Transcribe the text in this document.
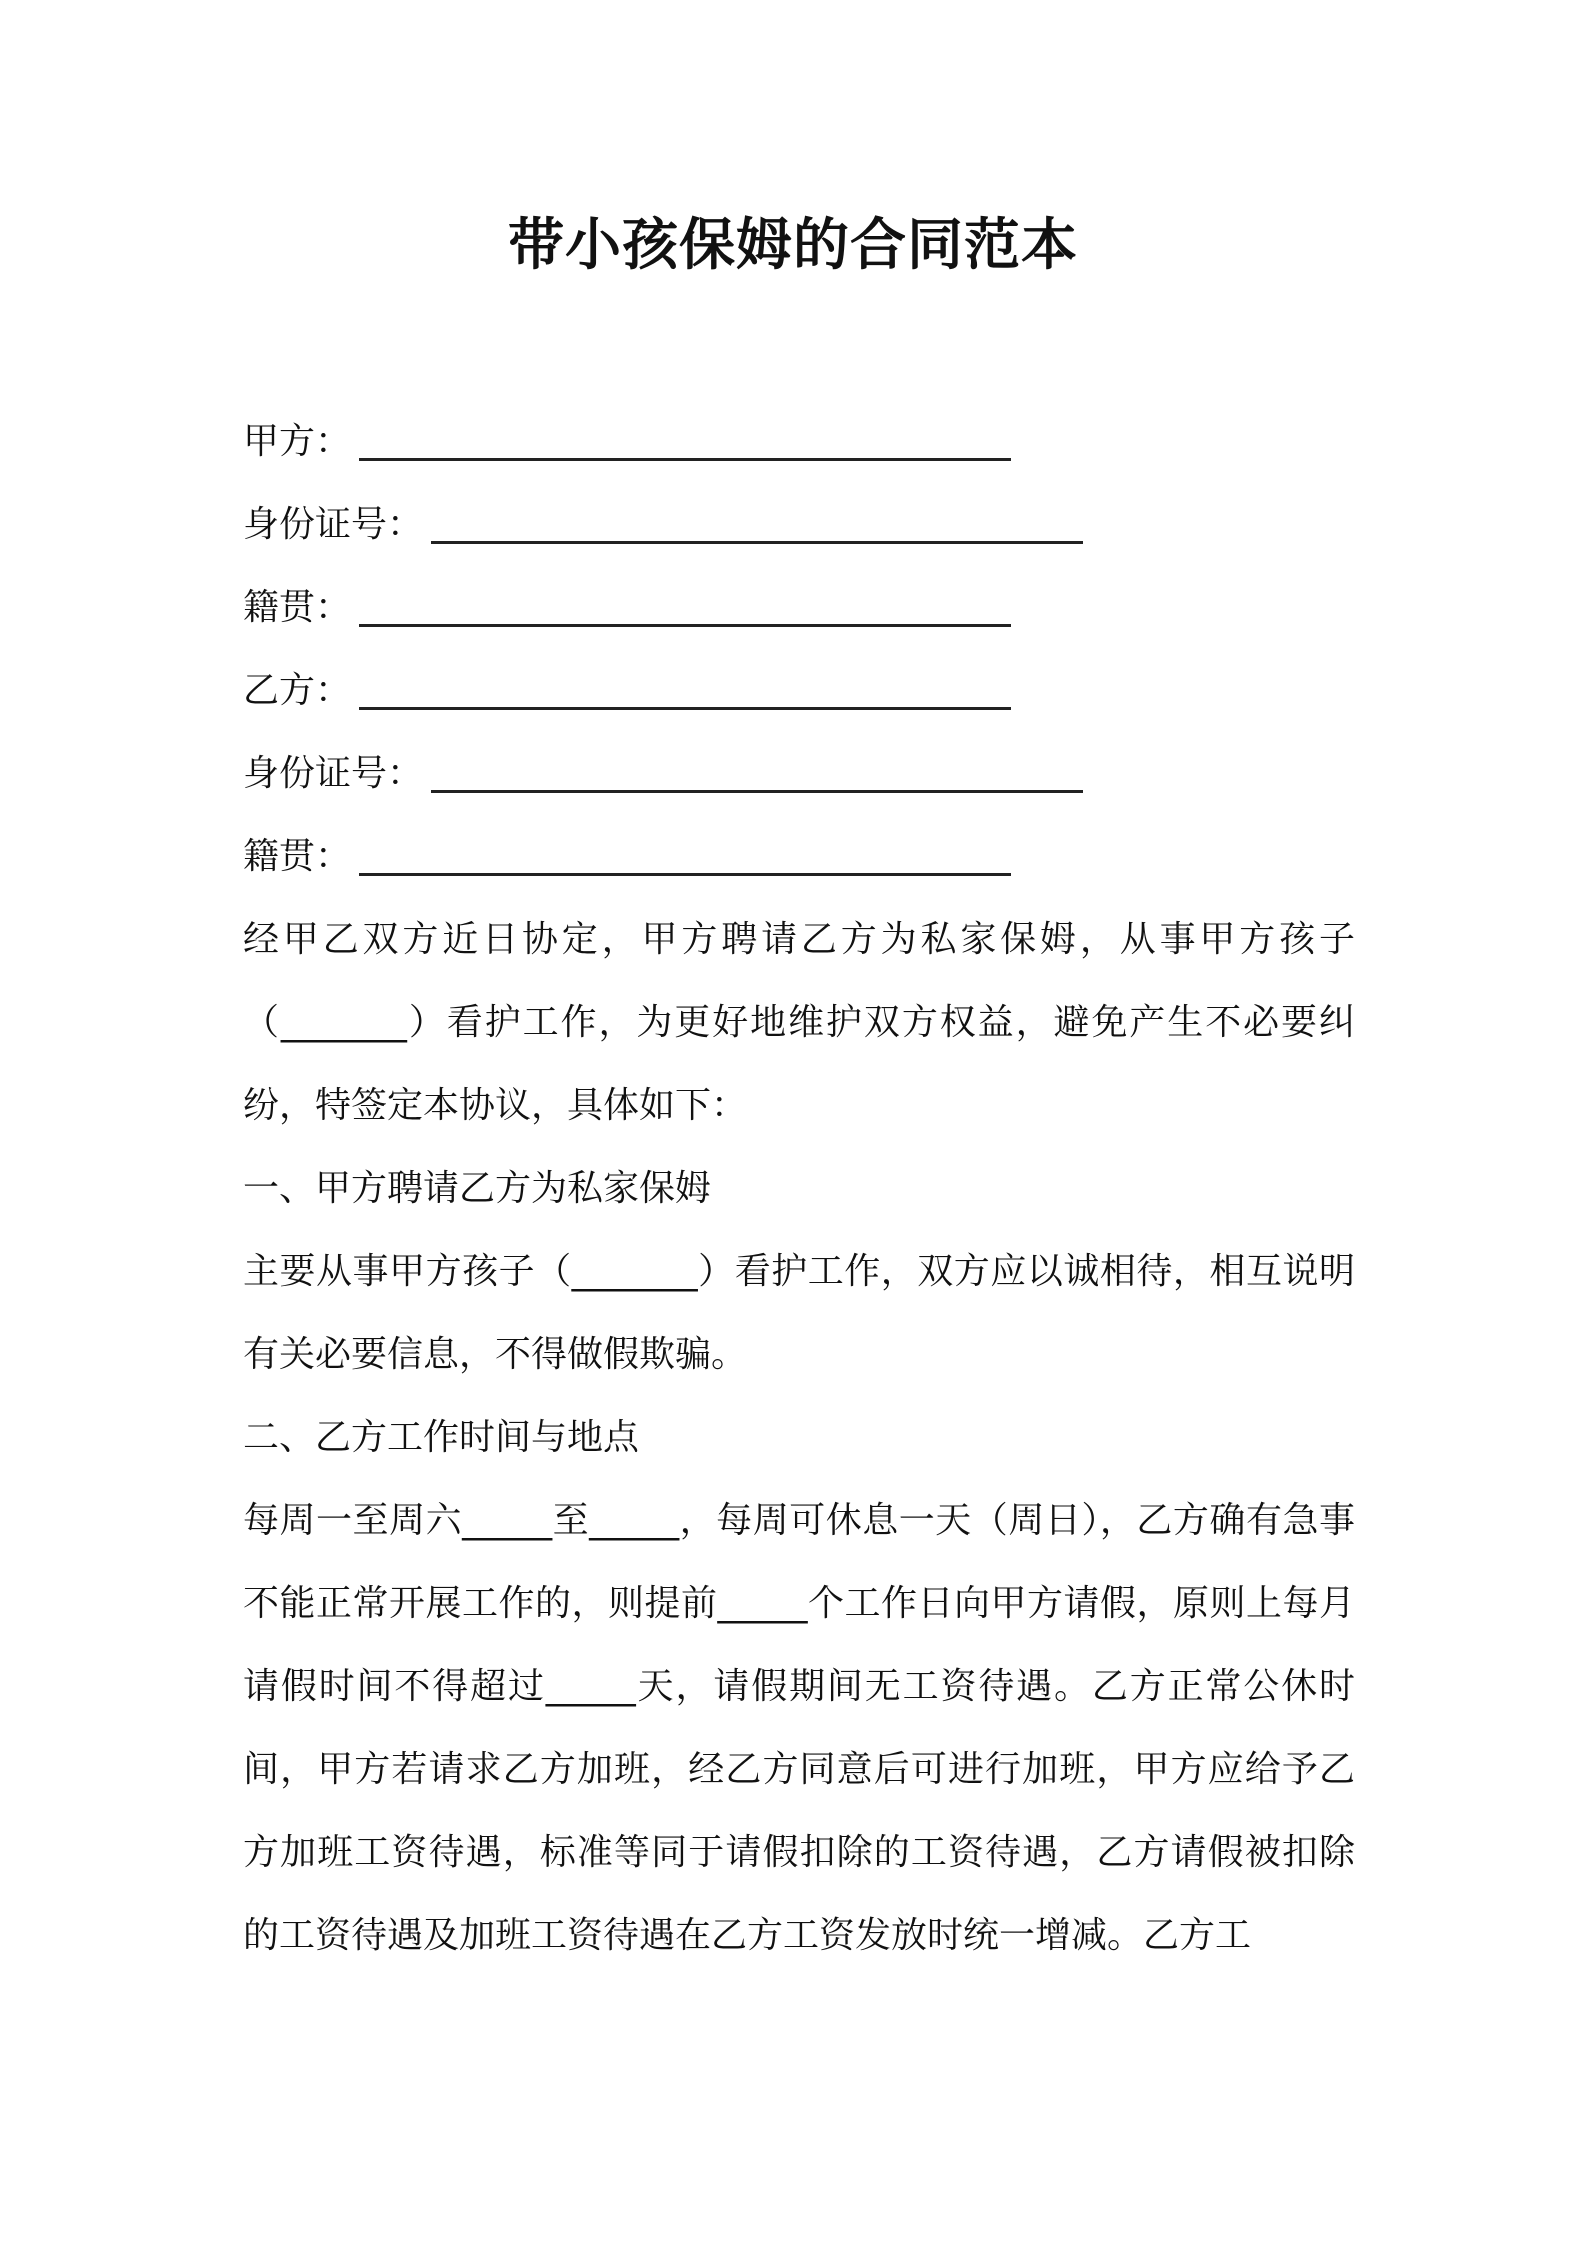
带小孩保姆的合同范本
甲方：
身份证号：
籍贯：
乙方：
身份证号：
籍贯：
经甲乙双方近日协定，甲方聘请乙方为私家保姆，从事甲方孩子（_______）看护工作，为更好地维护双方权益，避免产生不必要纠纷，特签定本协议，具体如下：
一、甲方聘请乙方为私家保姆
主要从事甲方孩子（_______）看护工作，双方应以诚相待，相互说明有关必要信息，不得做假欺骗。
二、乙方工作时间与地点
每周一至周六_____至_____，每周可休息一天（周日），乙方确有急事不能正常开展工作的，则提前_____个工作日向甲方请假，原则上每月请假时间不得超过_____天，请假期间无工资待遇。乙方正常公休时间，甲方若请求乙方加班，经乙方同意后可进行加班，甲方应给予乙方加班工资待遇，标准等同于请假扣除的工资待遇，乙方请假被扣除的工资待遇及加班工资待遇在乙方工资发放时统一增减。乙方工
